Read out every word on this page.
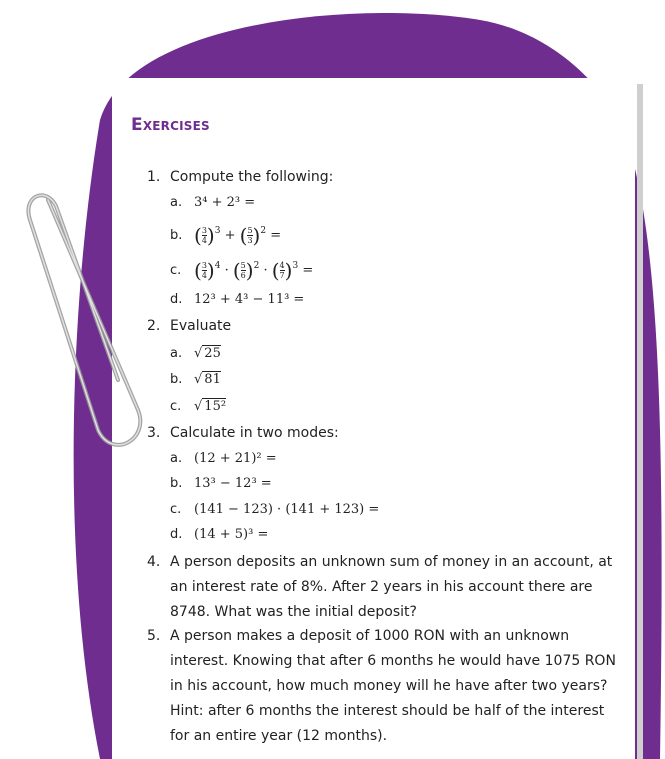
Exercises
1. Compute the following:
a. 3⁴ + 2³ =
b. ( $\frac{3}{4} )^3$ + ( $\frac{5}{3} )^2$ =
c. ( $\frac{3}{4} )^4$ · ( $\frac{5}{6} )^2$ · ( $\frac{4}{7} )^3$ =
d. 12³ + 4³ − 11³ =
2. Evaluate
a. √ 25
b. √ 81
c. √ 15²
3. Calculate in two modes:
a. (12 + 21)² =
b. 13³ − 12³ =
c. (141 − 123) · (141 + 123) =
d. (14 + 5)³ =
4. A person deposits an unknown sum of money in an account, at an interest rate of 8%. After 2 years in his account there are 8748. What was the initial deposit?
5. A person makes a deposit of 1000 RON with an unknown interest. Knowing that after 6 months he would have 1075 RON in his account, how much money will he have after two years? Hint: after 6 months the interest should be half of the interest for an entire year (12 months).
